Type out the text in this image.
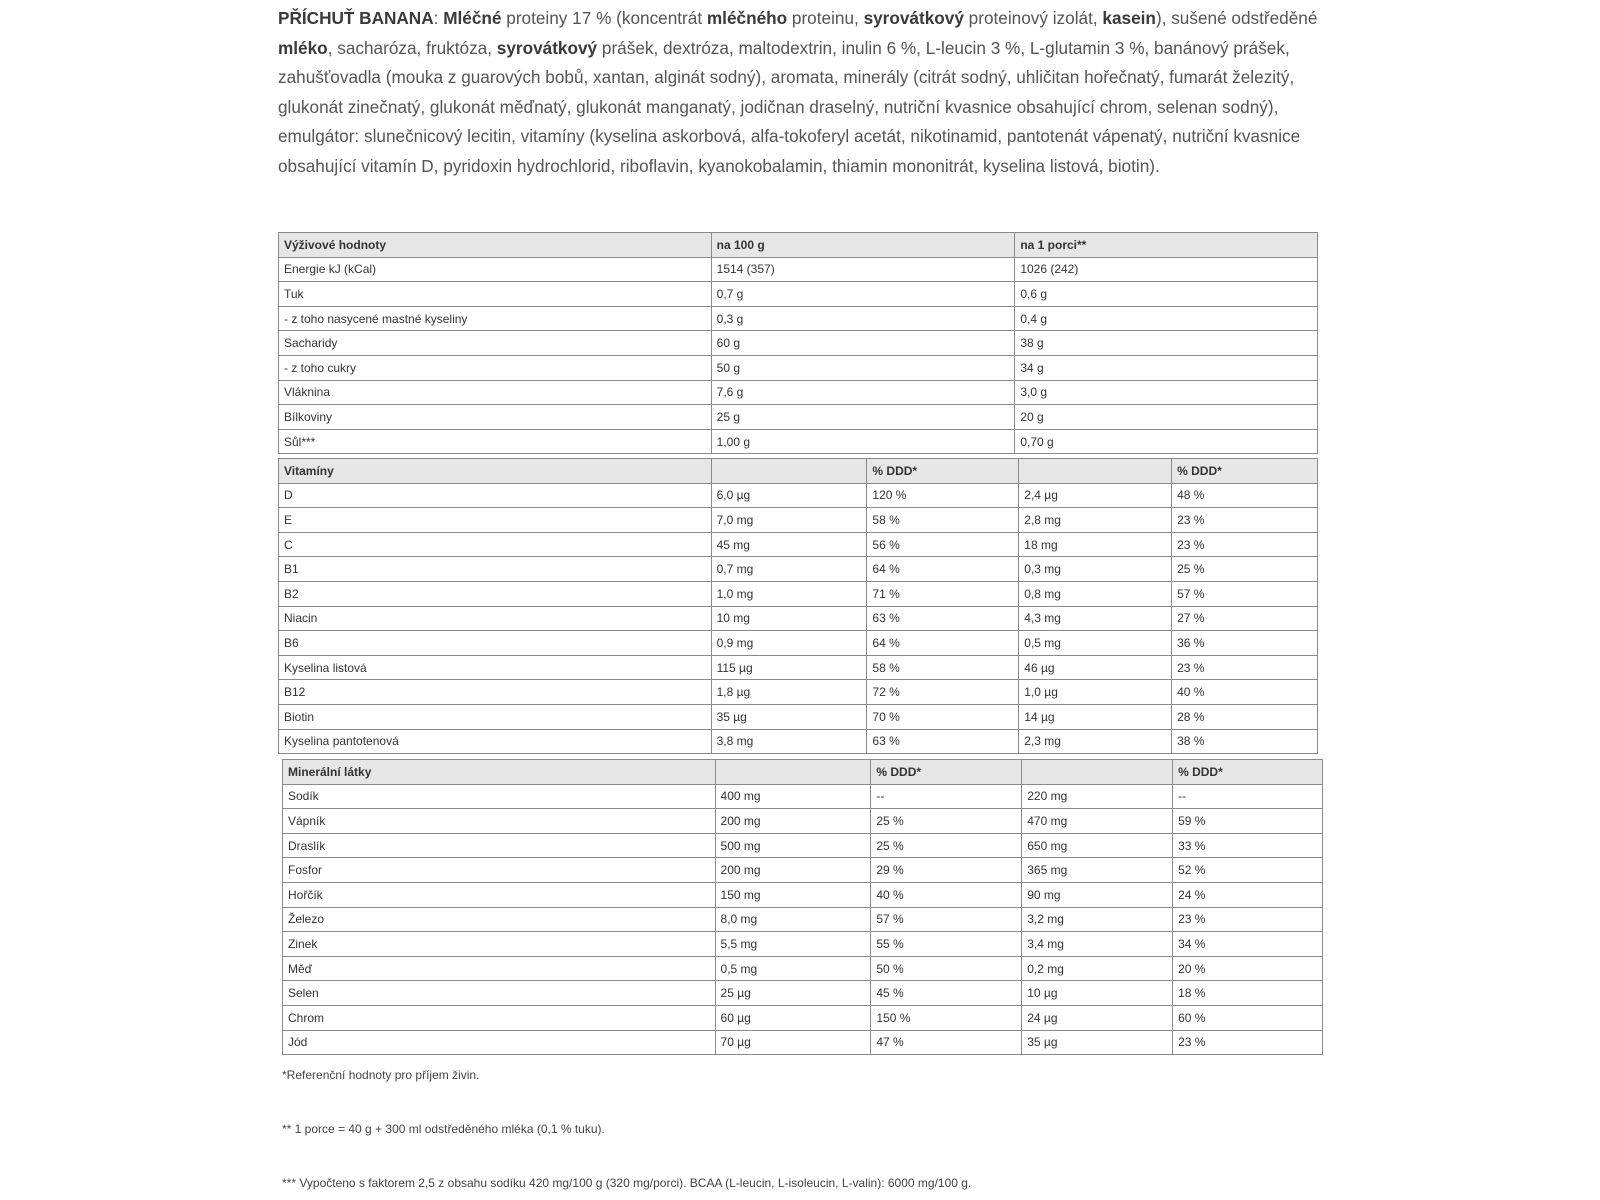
PŘÍCHUŤ BANANA: Mléčné proteiny 17 % (koncentrát mléčného proteinu, syrovátkový proteinový izolát, kasein), sušené odstředěné mléko, sacharóza, fruktóza, syrovátkový prášek, dextróza, maltodextrin, inulin 6 %, L-leucin 3 %, L-glutamin 3 %, banánový prášek, zahušťovadla (mouka z guarových bobů, xantan, alginát sodný), aromata, minerály (citrát sodný, uhličitan hořečnatý, fumarát železitý, glukonát zinečnatý, glukonát měďnatý, glukonát manganatý, jodičnan draselný, nutriční kvasnice obsahující chrom, selenan sodný), emulgátor: slunečnicový lecitin, vitamíny (kyselina askorbová, alfa-tokoferyl acetát, nikotinamid, pantotenát vápenatý, nutriční kvasnice obsahující vitamín D, pyridoxin hydrochlorid, riboflavin, kyanokobalamin, thiamin mononitrát, kyselina listová, biotin).

Výživové hodnoty	na 100 g	na 1 porci**
Energie kJ (kCal)	1514 (357)	1026 (242)
Tuk	0,7 g	0,6 g
- z toho nasycené mastné kyseliny	0,3 g	0,4 g
Sacharidy	60 g	38 g
- z toho cukry	50 g	34 g
Vláknina	7,6 g	3,0 g
Bílkoviny	25 g	20 g
Sůl***	1,00 g	0,70 g
Vitamíny		% DDD*		% DDD*
D	6,0 µg	120 %	2,4 µg	48 %
E	7,0 mg	58 %	2,8 mg	23 %
C	45 mg	56 %	18 mg	23 %
B1	0,7 mg	64 %	0,3 mg	25 %
B2	1,0 mg	71 %	0,8 mg	57 %
Niacin	10 mg	63 %	4,3 mg	27 %
B6	0,9 mg	64 %	0,5 mg	36 %
Kyselina listová	115 µg	58 %	46 µg	23 %
B12	1,8 µg	72 %	1,0 µg	40 %
Biotin	35 µg	70 %	14 µg	28 %
Kyselina pantotenová	3,8 mg	63 %	2,3 mg	38 %
Minerální látky		% DDD*		% DDD*
Sodík	400 mg	--	220 mg	--
Vápník	200 mg	25 %	470 mg	59 %
Draslík	500 mg	25 %	650 mg	33 %
Fosfor	200 mg	29 %	365 mg	52 %
Hořčík	150 mg	40 %	90 mg	24 %
Železo	8,0 mg	57 %	3,2 mg	23 %
Zinek	5,5 mg	55 %	3,4 mg	34 %
Měď	0,5 mg	50 %	0,2 mg	20 %
Selen	25 µg	45 %	10 µg	18 %
Chrom	60 µg	150 %	24 µg	60 %
Jód	70 µg	47 %	35 µg	23 %
*Referenční hodnoty pro příjem živin.
** 1 porce = 40 g + 300 ml odstředěného mléka (0,1 % tuku).
*** Vypočteno s faktorem 2,5 z obsahu sodíku 420 mg/100 g (320 mg/porci). BCAA (L-leucin, L-isoleucin, L-valin): 6000 mg/100 g.
